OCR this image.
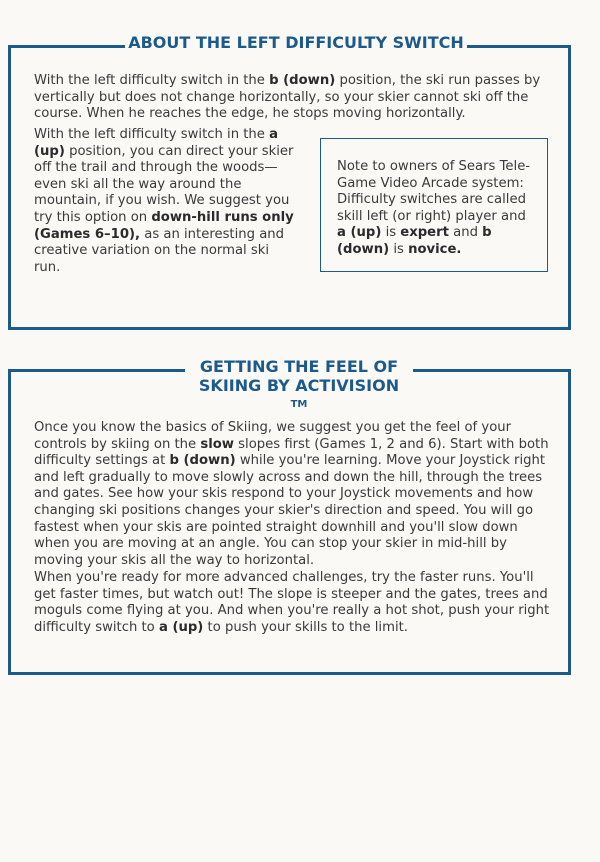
ABOUT THE LEFT DIFFICULTY SWITCH

With the left difficulty switch in the b (down) position, the ski run passes by vertically but does not change horizontally, so your skier cannot ski off the course. When he reaches the edge, he stops moving horizontally.

With the left difficulty switch in the a (up) position, you can direct your skier off the trail and through the woods—even ski all the way around the mountain, if you wish. We suggest you try this option on down-hill runs only (Games 6–10), as an interesting and creative variation on the normal ski run.

Note to owners of Sears Tele-Game Video Arcade system: Difficulty switches are called skill left (or right) player and a (up) is expert and b (down) is novice.
GETTING THE FEEL OF
SKIING BY ACTIVISION TM

Once you know the basics of Skiing, we suggest you get the feel of your controls by skiing on the slow slopes first (Games 1, 2 and 6). Start with both difficulty settings at b (down) while you're learning. Move your Joystick right and left gradually to move slowly across and down the hill, through the trees and gates. See how your skis respond to your Joystick movements and how changing ski positions changes your skier's direction and speed. You will go fastest when your skis are pointed straight downhill and you'll slow down when you are moving at an angle. You can stop your skier in mid-hill by moving your skis all the way to horizontal.

When you're ready for more advanced challenges, try the faster runs. You'll get faster times, but watch out! The slope is steeper and the gates, trees and moguls come flying at you. And when you're really a hot shot, push your right difficulty switch to a (up) to push your skills to the limit.
